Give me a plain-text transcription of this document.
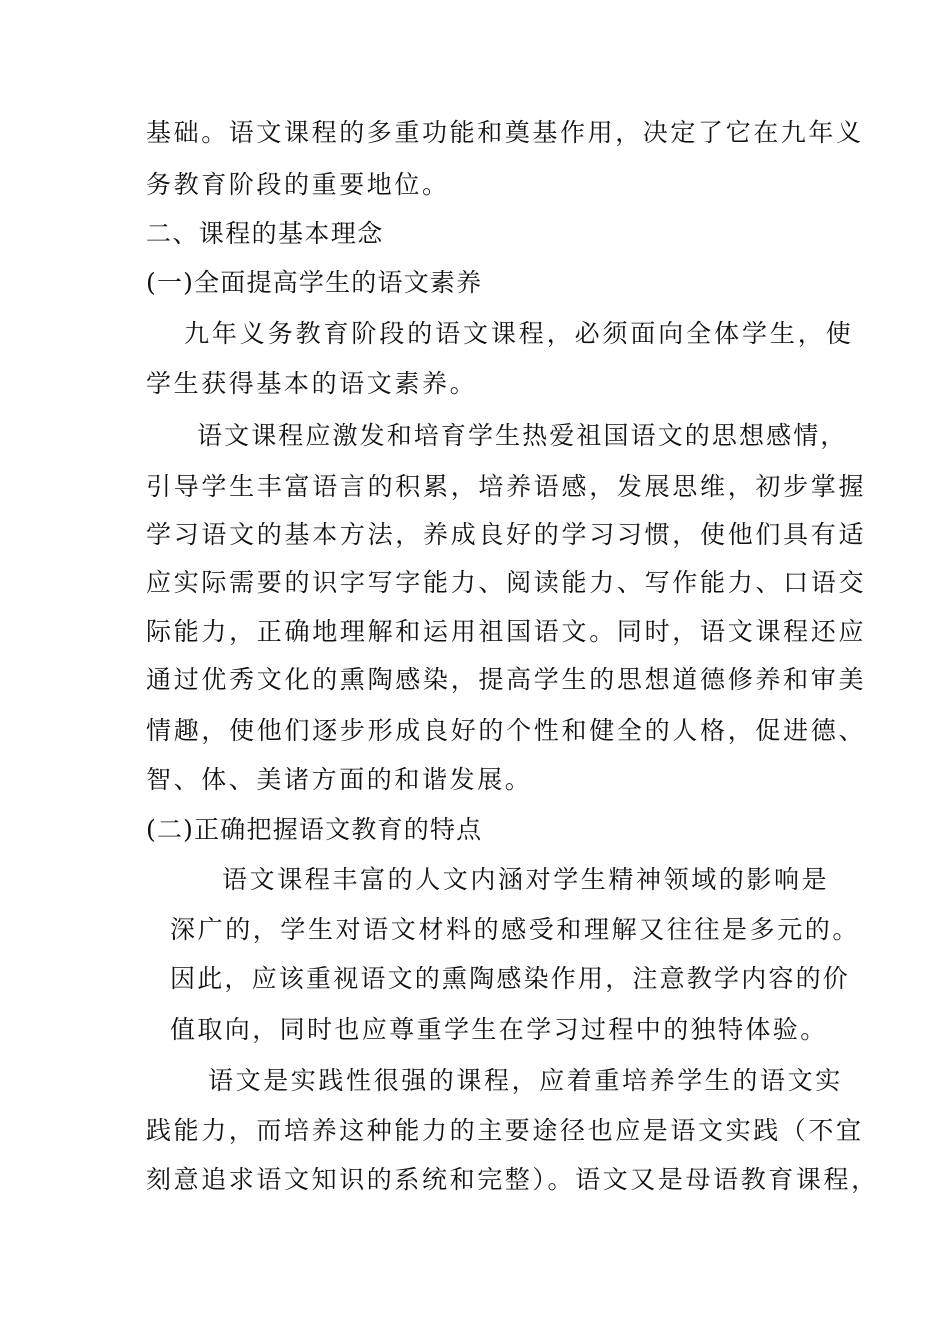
基础。语文课程的多重功能和奠基作用，决定了它在九年义
务教育阶段的重要地位。
二、课程的基本理念
(一)全面提高学生的语文素养
九年义务教育阶段的语文课程，必须面向全体学生，使
学生获得基本的语文素养。
语文课程应激发和培育学生热爱祖国语文的思想感情，
引导学生丰富语言的积累，培养语感，发展思维，初步掌握
学习语文的基本方法，养成良好的学习习惯，使他们具有适
应实际需要的识字写字能力、阅读能力、写作能力、口语交
际能力，正确地理解和运用祖国语文。同时，语文课程还应
通过优秀文化的熏陶感染，提高学生的思想道德修养和审美
情趣，使他们逐步形成良好的个性和健全的人格，促进德、
智、体、美诸方面的和谐发展。
(二)正确把握语文教育的特点
语文课程丰富的人文内涵对学生精神领域的影响是
深广的，学生对语文材料的感受和理解又往往是多元的。
因此，应该重视语文的熏陶感染作用，注意教学内容的价
值取向，同时也应尊重学生在学习过程中的独特体验。
语文是实践性很强的课程，应着重培养学生的语文实
践能力，而培养这种能力的主要途径也应是语文实践（不宜
刻意追求语文知识的系统和完整）。语文又是母语教育课程，
